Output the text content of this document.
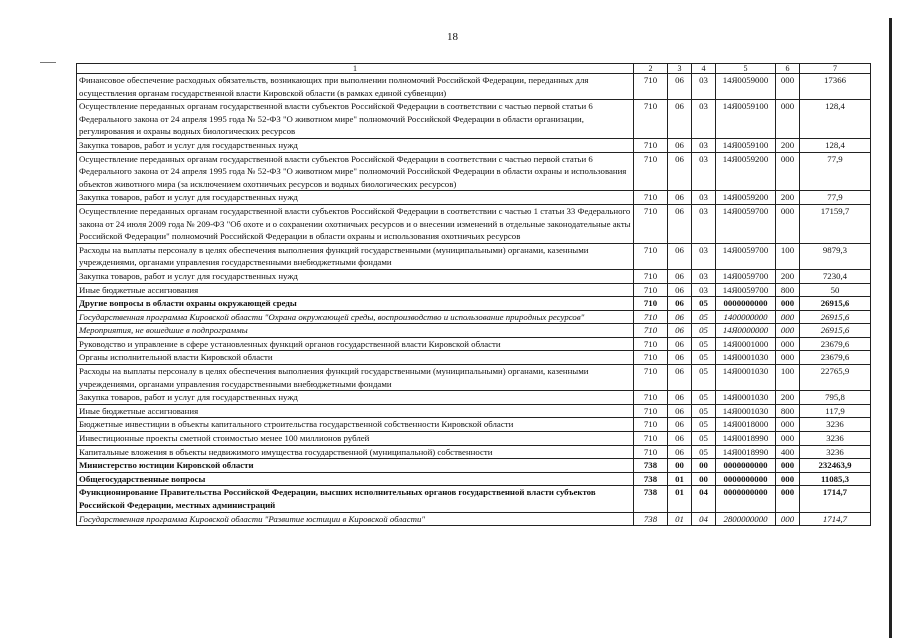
18
1	2	3	4	5	6	7
Финансовое обеспечение расходных обязательств, возникающих при выполнении полномочий Российской Федерации, переданных для осуществления органам государственной власти Кировской области (в рамках единой субвенции)	710	06	03	14Я0059000	000	17366
Осуществление переданных органам государственной власти субъектов Российской Федерации в соответствии с частью первой статьи 6 Федерального закона от 24 апреля 1995 года № 52-ФЗ "О животном мире" полномочий Российской Федерации в области организации, регулирования и охраны водных биологических ресурсов	710	06	03	14Я0059100	000	128,4
Закупка товаров, работ и услуг для государственных нужд	710	06	03	14Я0059100	200	128,4
Осуществление переданных органам государственной власти субъектов Российской Федерации в соответствии с частью первой статьи 6 Федерального закона от 24 апреля 1995 года № 52-ФЗ "О животном мире" полномочий Российской Федерации в области охраны и использования объектов животного мира (за исключением охотничьих ресурсов и водных биологических ресурсов)	710	06	03	14Я0059200	000	77,9
Закупка товаров, работ и услуг для государственных нужд	710	06	03	14Я0059200	200	77,9
Осуществление переданных органам государственной власти субъектов Российской Федерации в соответствии с частью 1 статьи 33 Федерального закона от 24 июля 2009 года № 209-ФЗ "Об охоте и о сохранении охотничьих ресурсов и о внесении изменений в отдельные законодательные акты Российской Федерации" полномочий Российской Федерации в области охраны и использования охотничьих ресурсов	710	06	03	14Я0059700	000	17159,7
Расходы на выплаты персоналу в целях обеспечения выполнения функций государственными (муниципальными) органами, казенными учреждениями, органами управления государственными внебюджетными фондами	710	06	03	14Я0059700	100	9879,3
Закупка товаров, работ и услуг для государственных нужд	710	06	03	14Я0059700	200	7230,4
Иные бюджетные ассигнования	710	06	03	14Я0059700	800	50
Другие вопросы в области охраны окружающей среды	710	06	05	0000000000	000	26915,6
Государственная программа Кировской области "Охрана окружающей среды, воспроизводство и использование природных ресурсов"	710	06	05	1400000000	000	26915,6
Мероприятия, не вошедшие в подпрограммы	710	06	05	14Я0000000	000	26915,6
Руководство и управление в сфере установленных функций органов государственной власти Кировской области	710	06	05	14Я0001000	000	23679,6
Органы исполнительной власти Кировской области	710	06	05	14Я0001030	000	23679,6
Расходы на выплаты персоналу в целях обеспечения выполнения функций государственными (муниципальными) органами, казенными учреждениями, органами управления государственными внебюджетными фондами	710	06	05	14Я0001030	100	22765,9
Закупка товаров, работ и услуг для государственных нужд	710	06	05	14Я0001030	200	795,8
Иные бюджетные ассигнования	710	06	05	14Я0001030	800	117,9
Бюджетные инвестиции в объекты капитального строительства государственной собственности Кировской области	710	06	05	14Я0018000	000	3236
Инвестиционные проекты сметной стоимостью менее 100 миллионов рублей	710	06	05	14Я0018990	000	3236
Капитальные вложения в объекты недвижимого имущества государственной (муниципальной) собственности	710	06	05	14Я0018990	400	3236
Министерство юстиции Кировской области	738	00	00	0000000000	000	232463,9
Общегосударственные вопросы	738	01	00	0000000000	000	11085,3
Функционирование Правительства Российской Федерации, высших исполнительных органов государственной власти субъектов Российской Федерации, местных администраций	738	01	04	0000000000	000	1714,7
Государственная программа Кировской области "Развитие юстиции в Кировской области"	738	01	04	2800000000	000	1714,7
